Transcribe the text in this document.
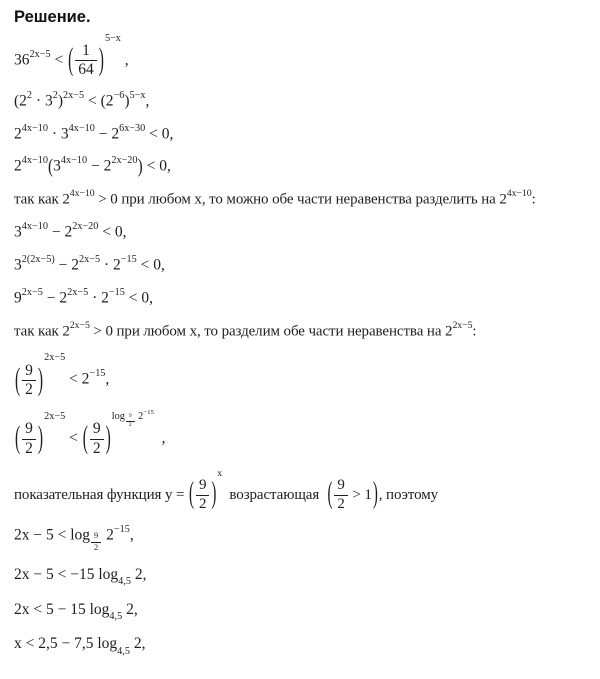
Решение.

362x−5 < ( $\frac{1}{64} )5-x$ ,
(22 · 32)2x−5 < (2−6)5−x,
24x−10 · 34x−10 − 26x−30 < 0,
24x−10(34x−10 − 22x−20) < 0,
так как 24x−10 > 0 при любом x, то можно обе части неравенства разделить на 24x−10:
34x−10 − 22x−20 < 0,
32(2x−5) − 22x−5 · 2−15 < 0,
92x−5 − 22x−5 · 2−15 < 0,
так как 22x−5 > 0 при любом x, то разделим обе части неравенства на 22x−5:
( $\frac{9}{2} )2x-5 < 2-15$,
( $\frac{9}{2} )2x-5$ < ( $\frac{9}{2} )\log \frac{9}{2} 2-15$  ,
показательная функция y = ( $\frac{9}{2} )x$  возрастающая  ( $\frac{9}{2} > 1$), поэтому
$2x - 5 < \log \frac{9}{2} 2-15$,
2x − 5 < −15 log4,5 2,
2x < 5 − 15 log4,5 2,
x < 2,5 − 7,5 log4,5 2,
